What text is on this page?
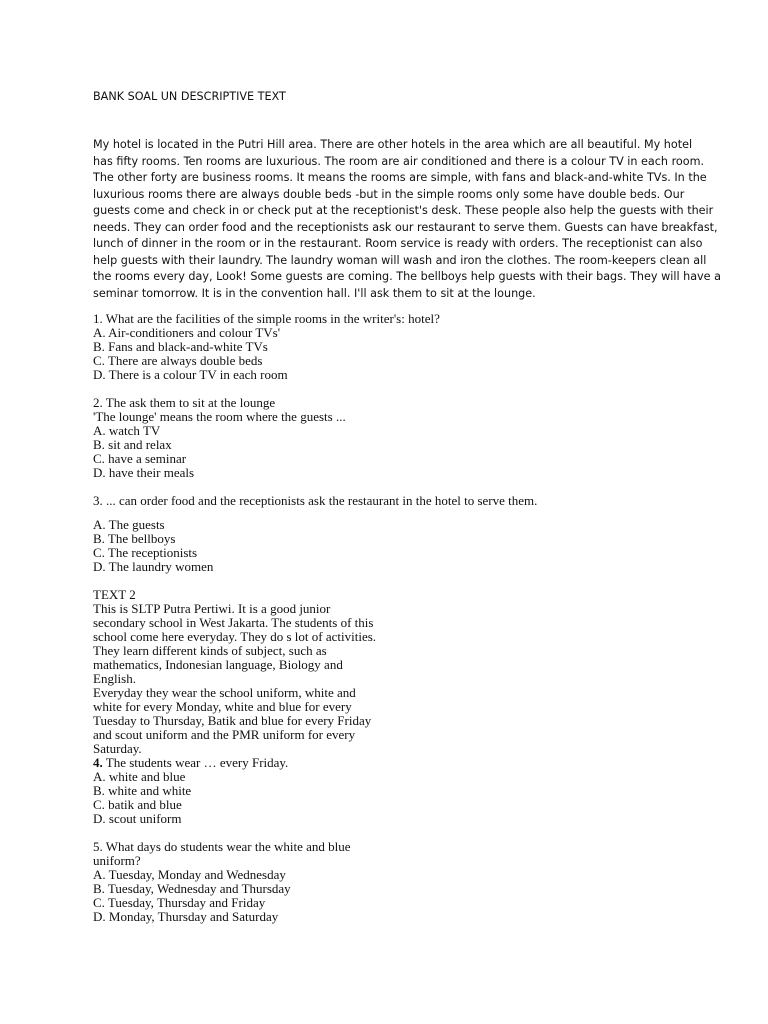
BANK SOAL UN DESCRIPTIVE TEXT
My hotel is located in the Putri Hill area. There are other hotels in the area which are all beautiful. My hotel
has fifty rooms. Ten rooms are luxurious. The room are air conditioned and there is a colour TV in each room.
The other forty are business rooms. It means the rooms are simple, with fans and black-and-white TVs. In the
luxurious rooms there are always double beds -but in the simple rooms only some have double beds. Our
guests come and check in or check put at the receptionist's desk. These people also help the guests with their
needs. They can order food and the receptionists ask our restaurant to serve them. Guests can have breakfast,
lunch of dinner in the room or in the restaurant. Room service is ready with orders. The receptionist can also
help guests with their laundry. The laundry woman will wash and iron the clothes. The room-keepers clean all
the rooms every day, Look! Some guests are coming. The bellboys help guests with their bags. They will have a
seminar tomorrow. It is in the convention hall. I'll ask them to sit at the lounge.
1. What are the facilities of the simple rooms in the writer's: hotel?
A. Air-conditioners and colour TVs'
B. Fans and black-and-white TVs
C. There are always double beds
D. There is a colour TV in each room
2. The ask them to sit at the lounge
'The lounge' means the room where the guests ...
A. watch TV
B. sit and relax
C. have a seminar
D. have their meals
3. ... can order food and the receptionists ask the restaurant in the hotel to serve them.
A. The guests
B. The bellboys
C. The receptionists
D. The laundry women
TEXT 2
This is SLTP Putra Pertiwi. It is a good junior
secondary school in West Jakarta. The students of this
school come here everyday. They do s lot of activities.
They learn different kinds of subject, such as
mathematics, Indonesian language, Biology and
English.
Everyday they wear the school uniform, white and
white for every Monday, white and blue for every
Tuesday to Thursday, Batik and blue for every Friday
and scout uniform and the PMR uniform for every
Saturday.
4. The students wear … every Friday.
A. white and blue
B. white and white
C. batik and blue
D. scout uniform
5. What days do students wear the white and blue
uniform?
A. Tuesday, Monday and Wednesday
B. Tuesday, Wednesday and Thursday
C. Tuesday, Thursday and Friday
D. Monday, Thursday and Saturday
